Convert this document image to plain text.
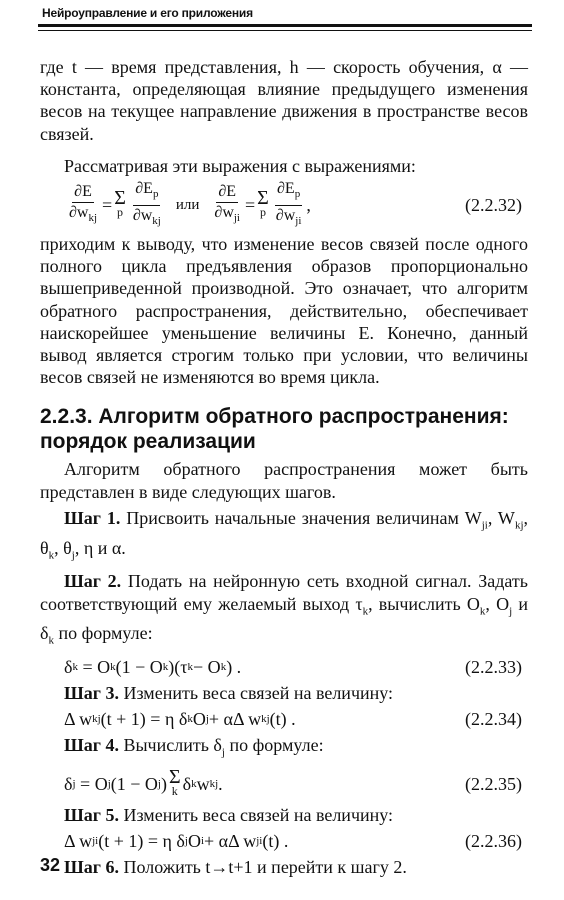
Нейроуправление и его приложения

где t — время представления, h — скорость обучения, α — константа, определяющая влияние предыдущего изменения весов на текущее направление движения в пространстве весов связей.

Рассматривая эти выражения с выражениями:

$\frac{\partial E}{\partial w_{kj}} = \Sigma$
p $\frac{\partial E_p}{\partial w_{kj}}$ или $\frac{\partial E}{\partial w_{ji}} = \Sigma$
p $\frac{\partial E_p}{\partial w_{ji}}$ ,	(2.2.32)

приходим к выводу, что изменение весов связей после одного полного цикла предъявления образов пропорционально вышеприведенной производной. Это означает, что алгоритм обратного распространения, действительно, обеспечивает наискорейшее уменьшение величины E. Конечно, данный вывод является строгим только при условии, что величины весов связей не изменяются во время цикла.

2.2.3. Алгоритм обратного распространения: порядок реализации

Алгоритм обратного распространения может быть представлен в виде следующих шагов.

Шаг 1. Присвоить начальные значения величинам $W_{ji}$, $W_{kj}$, $\theta_k$, $\theta_j$, η и α.

Шаг 2. Подать на нейронную сеть входной сигнал. Задать соответствующий ему желаемый выход $\tau_k$, вычислить $O_k$, $O_j$ и $\delta_k$ по формуле:

δ k = O k (1 − O k )(τ k − O k ) .	(2.2.33)

Шаг 3. Изменить веса связей на величину:

Δ w kj (t + 1) = η δ k O j + αΔ w kj (t) .	(2.2.34)

Шаг 4. Вычислить $\delta_j$ по формуле:

δ j = O j (1 − O j ) Σ
k δ k w kj .	(2.2.35)

Шаг 5. Изменить веса связей на величину:

Δ w ji (t + 1) = η δ j O i + αΔ w ji (t) .	(2.2.36)

Шаг 6. Положить t→t+1 и перейти к шагу 2.

32
